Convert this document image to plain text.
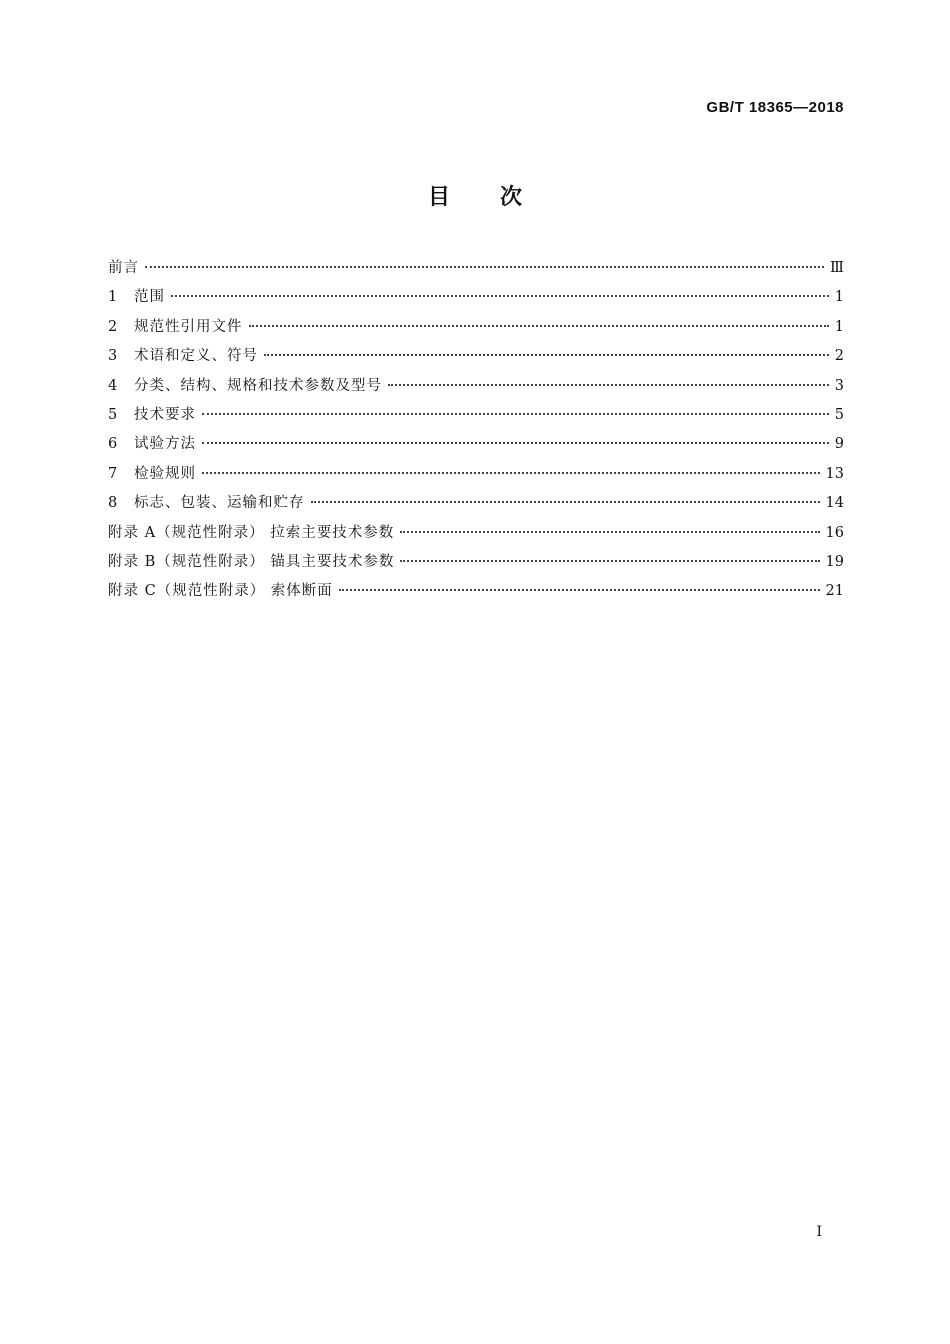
GB/T 18365—2018
目 次
前言	Ⅲ
1	范围	1
2	规范性引用文件	1
3	术语和定义、符号	2
4	分类、结构、规格和技术参数及型号	3
5	技术要求	5
6	试验方法	9
7	检验规则	13
8	标志、包装、运输和贮存	14
附录 A（规范性附录） 拉索主要技术参数	16
附录 B（规范性附录） 锚具主要技术参数	19
附录 C（规范性附录） 索体断面	21
I
